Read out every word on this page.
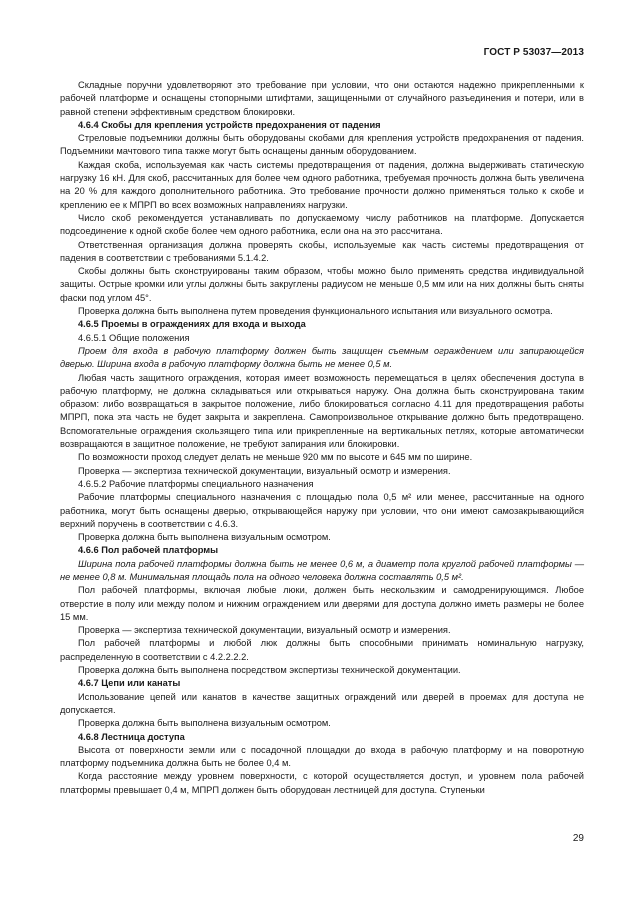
ГОСТ Р 53037—2013

Складные поручни удовлетворяют это требование при условии, что они остаются надежно прикрепленными к рабочей платформе и оснащены стопорными штифтами, защищенными от случайного разъединения и потери, или в равной степени эффективным средством блокировки.

4.6.4 Скобы для крепления устройств предохранения от падения

Стреловые подъемники должны быть оборудованы скобами для крепления устройств предохранения от падения. Подъемники мачтового типа также могут быть оснащены данным оборудованием.

Каждая скоба, используемая как часть системы предотвращения от падения, должна выдерживать статическую нагрузку 16 кН. Для скоб, рассчитанных для более чем одного работника, требуемая прочность должна быть увеличена на 20 % для каждого дополнительного работника. Это требование прочности должно применяться только к скобе и креплению ее к МПРП во всех возможных направлениях нагрузки.

Число скоб рекомендуется устанавливать по допускаемому числу работников на платформе. Допускается подсоединение к одной скобе более чем одного работника, если она на это рассчитана.

Ответственная организация должна проверять скобы, используемые как часть системы предотвращения от падения в соответствии с требованиями 5.1.4.2.

Скобы должны быть сконструированы таким образом, чтобы можно было применять средства индивидуальной защиты. Острые кромки или углы должны быть закруглены радиусом не меньше 0,5 мм или на них должны быть сняты фаски под углом 45°.

Проверка должна быть выполнена путем проведения функционального испытания или визуального осмотра.

4.6.5 Проемы в ограждениях для входа и выхода

4.6.5.1 Общие положения

Проем для входа в рабочую платформу должен быть защищен съемным ограждением или запирающейся дверью. Ширина входа в рабочую платформу должна быть не менее 0,5 м.

Любая часть защитного ограждения, которая имеет возможность перемещаться в целях обеспечения доступа в рабочую платформу, не должна складываться или открываться наружу. Она должна быть сконструирована таким образом: либо возвращаться в закрытое положение, либо блокироваться согласно 4.11 для предотвращения работы МПРП, пока эта часть не будет закрыта и закреплена. Самопроизвольное открывание должно быть предотвращено. Вспомогательные ограждения скользящего типа или прикрепленные на вертикальных петлях, которые автоматически возвращаются в защитное положение, не требуют запирания или блокировки.

По возможности проход следует делать не меньше 920 мм по высоте и 645 мм по ширине.

Проверка — экспертиза технической документации, визуальный осмотр и измерения.

4.6.5.2 Рабочие платформы специального назначения

Рабочие платформы специального назначения с площадью пола 0,5 м² или менее, рассчитанные на одного работника, могут быть оснащены дверью, открывающейся наружу при условии, что они имеют самозакрывающийся верхний поручень в соответствии с 4.6.3.

Проверка должна быть выполнена визуальным осмотром.

4.6.6 Пол рабочей платформы

Ширина пола рабочей платформы должна быть не менее 0,6 м, а диаметр пола круглой рабочей платформы — не менее 0,8 м. Минимальная площадь пола на одного человека должна составлять 0,5 м².

Пол рабочей платформы, включая любые люки, должен быть нескользким и самодренирующимся. Любое отверстие в полу или между полом и нижним ограждением или дверями для доступа должно иметь размеры не более 15 мм.

Проверка — экспертиза технической документации, визуальный осмотр и измерения.

Пол рабочей платформы и любой люк должны быть способными принимать номинальную нагрузку, распределенную в соответствии с 4.2.2.2.2.

Проверка должна быть выполнена посредством экспертизы технической документации.

4.6.7 Цепи или канаты

Использование цепей или канатов в качестве защитных ограждений или дверей в проемах для доступа не допускается.

Проверка должна быть выполнена визуальным осмотром.

4.6.8 Лестница доступа

Высота от поверхности земли или с посадочной площадки до входа в рабочую платформу и на поворотную платформу подъемника должна быть не более 0,4 м.

Когда расстояние между уровнем поверхности, с которой осуществляется доступ, и уровнем пола рабочей платформы превышает 0,4 м, МПРП должен быть оборудован лестницей для доступа. Ступеньки

29
